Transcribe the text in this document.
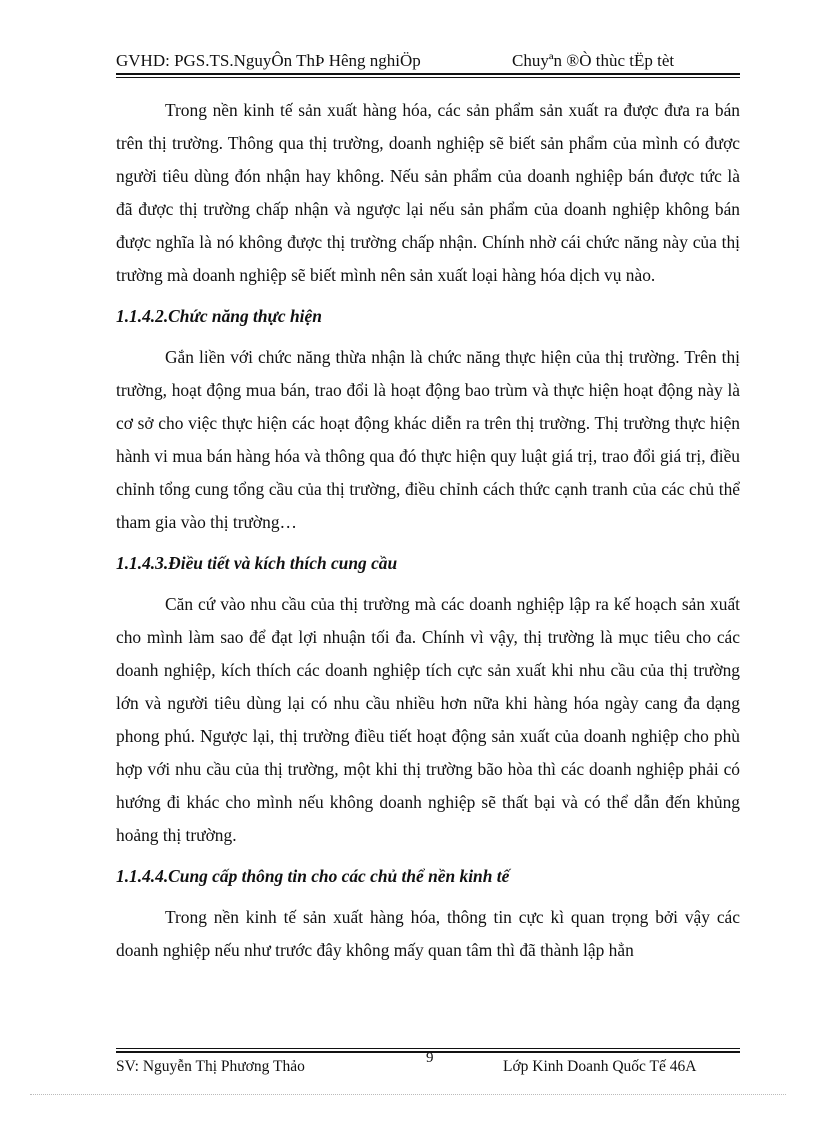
GVHD: PGS.TS.NguyÔn ThÞ Hêng nghiÖp	Chuyªn ®Ò thùc tËp tèt

Trong nền kinh tế sản xuất hàng hóa, các sản phẩm sản xuất ra được đưa ra bán trên thị trường. Thông qua thị trường, doanh nghiệp sẽ biết sản phẩm của mình có được người tiêu dùng đón nhận hay không. Nếu sản phẩm của doanh nghiệp bán được tức là đã được thị trường chấp nhận và ngược lại nếu sản phẩm của doanh nghiệp không bán được nghĩa là nó không được thị trường chấp nhận. Chính nhờ cái chức năng này của thị trường mà doanh nghiệp sẽ biết mình nên sản xuất loại hàng hóa dịch vụ nào.

1.1.4.2.Chức năng thực hiện

Gắn liền với chức năng thừa nhận là chức năng thực hiện của thị trường. Trên thị trường, hoạt động mua bán, trao đổi là hoạt động bao trùm và thực hiện hoạt động này là cơ sở cho việc thực hiện các hoạt động khác diễn ra trên thị trường. Thị trường thực hiện hành vi mua bán hàng hóa và thông qua đó thực hiện quy luật giá trị, trao đổi giá trị, điều chỉnh tổng cung tổng cầu của thị trường, điều chỉnh cách thức cạnh tranh của các chủ thể tham gia vào thị trường…

1.1.4.3.Điều tiết và kích thích cung cầu

Căn cứ vào nhu cầu của thị trường mà các doanh nghiệp lập ra kế hoạch sản xuất cho mình làm sao để đạt lợi nhuận tối đa. Chính vì vậy, thị trường là mục tiêu cho các doanh nghiệp, kích thích các doanh nghiệp tích cực sản xuất khi nhu cầu của thị trường lớn và người tiêu dùng lại có nhu cầu nhiều hơn nữa khi hàng hóa ngày cang đa dạng phong phú. Ngược lại, thị trường điều tiết hoạt động sản xuất của doanh nghiệp cho phù hợp với nhu cầu của thị trường, một khi thị trường bão hòa thì các doanh nghiệp phải có hướng đi khác cho mình nếu không doanh nghiệp sẽ thất bại và có thể dẫn đến khủng hoảng thị trường.

1.1.4.4.Cung cấp thông tin cho các chủ thể nền kinh tế

Trong nền kinh tế sản xuất hàng hóa, thông tin cực kì quan trọng bởi vậy các doanh nghiệp nếu như trước đây không mấy quan tâm thì đã thành lập hẳn

SV: Nguyễn Thị Phương Thảo	9	Lớp Kinh Doanh Quốc Tế 46A
